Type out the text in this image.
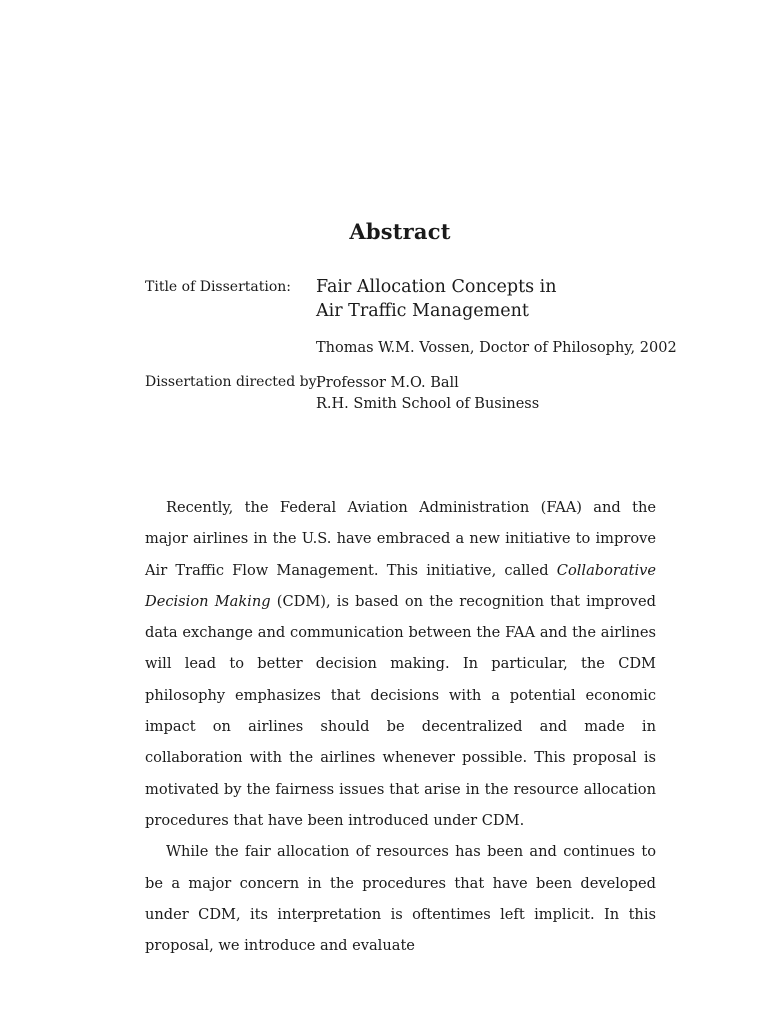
Abstract
Title of Dissertation: Fair Allocation Concepts in
Air Traffic Management
Thomas W.M. Vossen, Doctor of Philosophy, 2002
Dissertation directed by:
Professor M.O. Ball
R.H. Smith School of Business

Recently, the Federal Aviation Administration (FAA) and the major airlines in the U.S. have embraced a new initiative to improve Air Traffic Flow Management. This initiative, called Collaborative Decision Making (CDM), is based on the recognition that improved data exchange and communication between the FAA and the airlines will lead to better decision making. In particular, the CDM philosophy emphasizes that decisions with a potential economic impact on airlines should be decentralized and made in collaboration with the airlines whenever possible. This proposal is motivated by the fairness issues that arise in the resource allocation procedures that have been introduced under CDM.

While the fair allocation of resources has been and continues to be a major concern in the procedures that have been developed under CDM, its interpretation is oftentimes left implicit. In this proposal, we introduce and evaluate
